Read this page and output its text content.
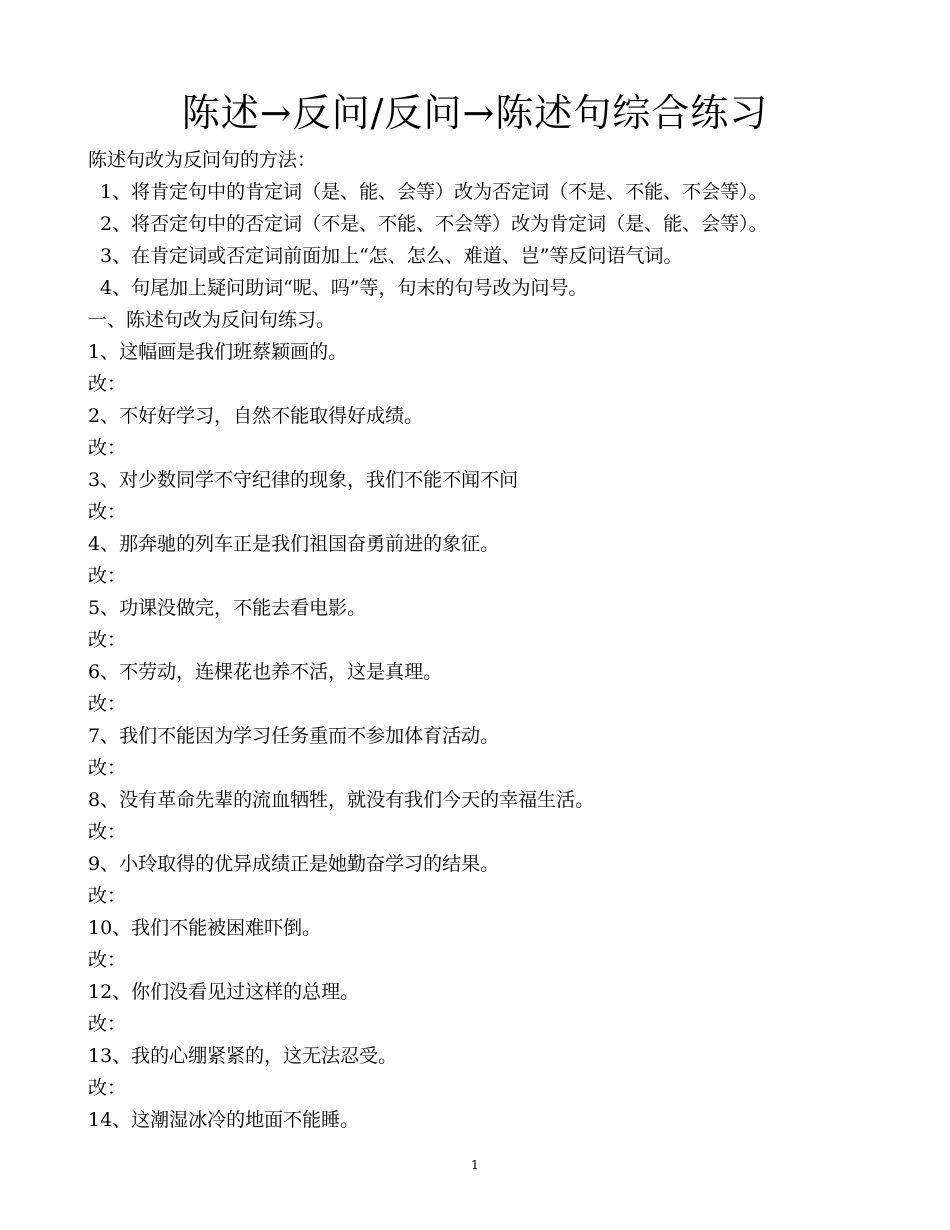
陈述→反问/反问→陈述句综合练习
陈述句改为反问句的方法：
1、将肯定句中的肯定词（是、能、会等）改为否定词（不是、不能、不会等）。
2、将否定句中的否定词（不是、不能、不会等）改为肯定词（是、能、会等）。
3、在肯定词或否定词前面加上“怎、怎么、难道、岂”等反问语气词。
4、句尾加上疑问助词“呢、吗”等，句末的句号改为问号。
一、陈述句改为反问句练习。
1、这幅画是我们班蔡颖画的。
改：
2、不好好学习，自然不能取得好成绩。
改：
3、对少数同学不守纪律的现象，我们不能不闻不问
改：
4、那奔驰的列车正是我们祖国奋勇前进的象征。
改：
5、功课没做完，不能去看电影。
改：
6、不劳动，连棵花也养不活，这是真理。
改：
7、我们不能因为学习任务重而不参加体育活动。
改：
8、没有革命先辈的流血牺牲，就没有我们今天的幸福生活。
改：
9、小玲取得的优异成绩正是她勤奋学习的结果。
改：
10、我们不能被困难吓倒。
改：
12、你们没看见过这样的总理。
改：
13、我的心绷紧紧的，这无法忍受。
改：
14、这潮湿冰冷的地面不能睡。
1
